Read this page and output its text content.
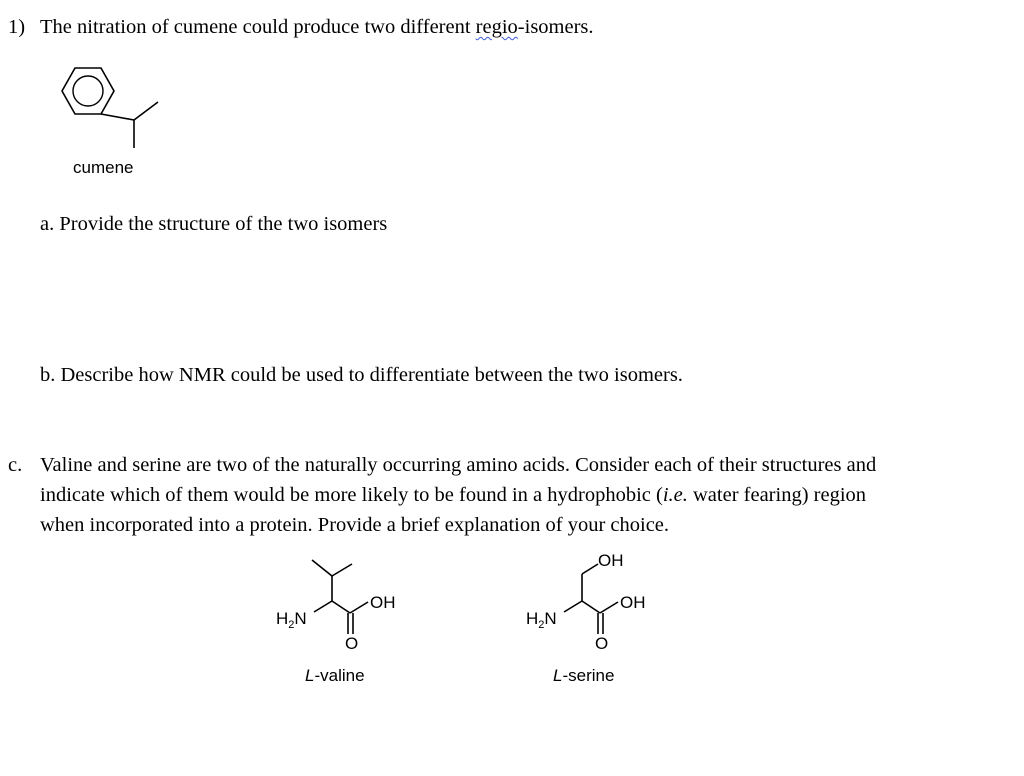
1) The nitration of cumene could produce two different regio-isomers.
cumene
a. Provide the structure of the two isomers
b. Describe how NMR could be used to differentiate between the two isomers.
c. Valine and serine are two of the naturally occurring amino acids. Consider each of their structures and
indicate which of them would be more likely to be found in a hydrophobic (i.e. water fearing) region
when incorporated into a protein. Provide a brief explanation of your choice.
$H_2N$
OH
O
L-valine
$H_2N$
OH
O
OH
L-serine
